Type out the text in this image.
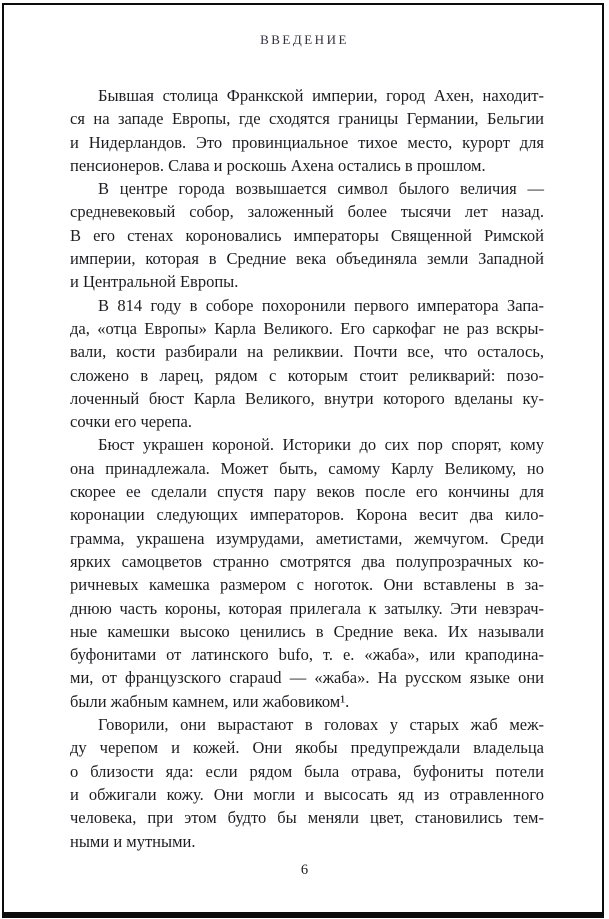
ВВЕДЕНИЕ
Бывшая столица Франкской империи, город Ахен, находит-
ся на западе Европы, где сходятся границы Германии, Бельгии
и Нидерландов. Это провинциальное тихое место, курорт для
пенсионеров. Слава и роскошь Ахена остались в прошлом.
В центре города возвышается символ былого величия —
средневековый собор, заложенный более тысячи лет назад.
В его стенах короновались императоры Священной Римской
империи, которая в Средние века объединяла земли Западной
и Центральной Европы.
В 814 году в соборе похоронили первого императора Запа-
да, «отца Европы» Карла Великого. Его саркофаг не раз вскры-
вали, кости разбирали на реликвии. Почти все, что осталось,
сложено в ларец, рядом с которым стоит реликварий: позо-
лоченный бюст Карла Великого, внутри которого вделаны ку-
сочки его черепа.
Бюст украшен короной. Историки до сих пор спорят, кому
она принадлежала. Может быть, самому Карлу Великому, но
скорее ее сделали спустя пару веков после его кончины для
коронации следующих императоров. Корона весит два кило-
грамма, украшена изумрудами, аметистами, жемчугом. Среди
ярких самоцветов странно смотрятся два полупрозрачных ко-
ричневых камешка размером с ноготок. Они вставлены в за-
днюю часть короны, которая прилегала к затылку. Эти невзрач-
ные камешки высоко ценились в Средние века. Их называли
буфонитами от латинского bufo, т. е. «жаба», или краподина-
ми, от французского crapaud — «жаба». На русском языке они
были жабным камнем, или жабовиком¹.
Говорили, они вырастают в головах у старых жаб меж-
ду черепом и кожей. Они якобы предупреждали владельца
о близости яда: если рядом была отрава, буфониты потели
и обжигали кожу. Они могли и высосать яд из отравленного
человека, при этом будто бы меняли цвет, становились тем-
ными и мутными.
6
